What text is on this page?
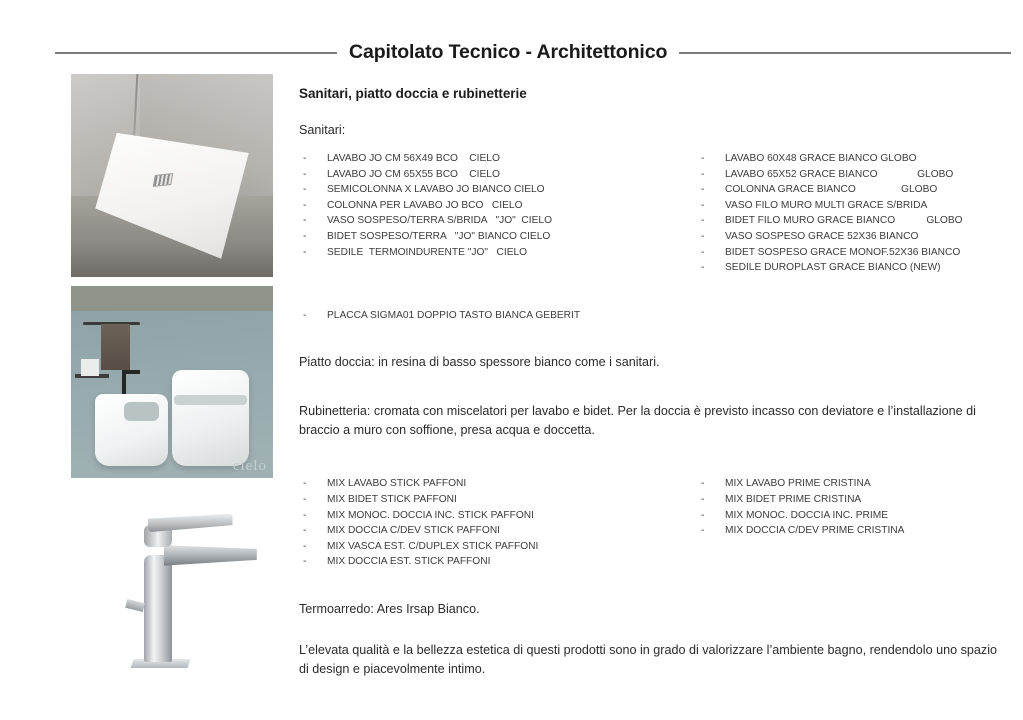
Capitolato Tecnico - Architettonico
cielo
Sanitari, piatto doccia e rubinetterie

Sanitari:

- LAVABO JO CM 56X49 BCO    CIELO
- LAVABO JO CM 65X55 BCO    CIELO
- SEMICOLONNA X LAVABO JO BIANCO CIELO
- COLONNA PER LAVABO JO BCO   CIELO
- VASO SOSPESO/TERRA S/BRIDA   "JO"  CIELO
- BIDET SOSPESO/TERRA   "JO" BIANCO CIELO
- SEDILE  TERMOINDURENTE "JO"   CIELO
- LAVABO 60X48 GRACE BIANCO GLOBO
- LAVABO 65X52 GRACE BIANCO              GLOBO
- COLONNA GRACE BIANCO                GLOBO
- VASO FILO MURO MULTI GRACE S/BRIDA
- BIDET FILO MURO GRACE BIANCO           GLOBO
- VASO SOSPESO GRACE 52X36 BIANCO
- BIDET SOSPESO GRACE MONOF.52X36 BIANCO
- SEDILE DUROPLAST GRACE BIANCO (NEW)
- PLACCA SIGMA01 DOPPIO TASTO BIANCA GEBERIT

Piatto doccia: in resina di basso spessore bianco come i sanitari.

Rubinetteria: cromata con miscelatori per lavabo e bidet. Per la doccia è previsto incasso con deviatore e l’installazione di braccio a muro con soffione, presa acqua e doccetta.

- MIX LAVABO STICK PAFFONI
- MIX BIDET STICK PAFFONI
- MIX MONOC. DOCCIA INC. STICK PAFFONI
- MIX DOCCIA C/DEV STICK PAFFONI
- MIX VASCA EST. C/DUPLEX STICK PAFFONI
- MIX DOCCIA EST. STICK PAFFONI
- MIX LAVABO PRIME CRISTINA
- MIX BIDET PRIME CRISTINA
- MIX MONOC. DOCCIA INC. PRIME
- MIX DOCCIA C/DEV PRIME CRISTINA

Termoarredo: Ares Irsap Bianco.

L’elevata qualità e la bellezza estetica di questi prodotti sono in grado di valorizzare l’ambiente bagno, rendendolo uno spazio di design e piacevolmente intimo.
